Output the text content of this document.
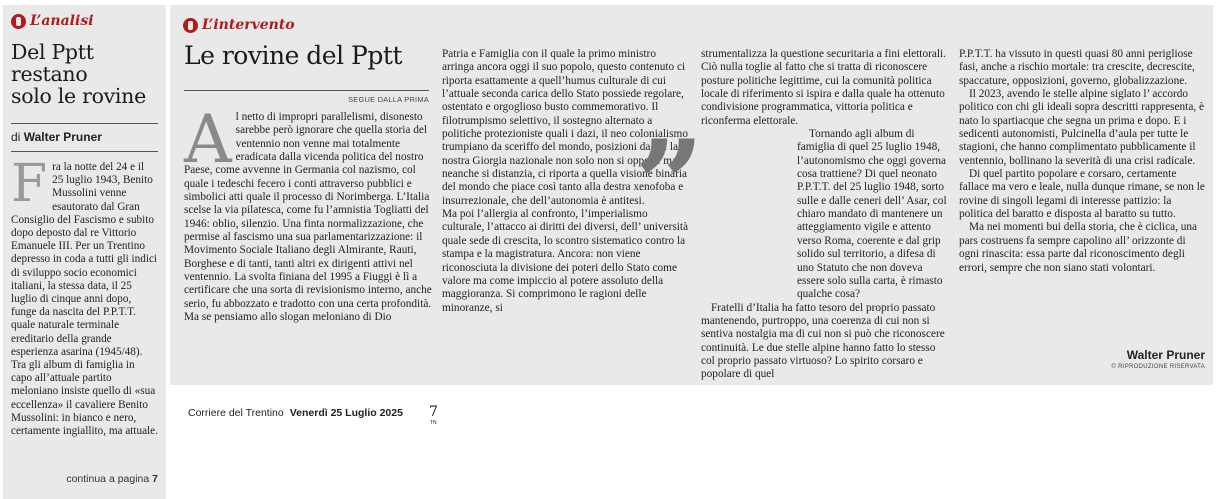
L’analisi
Del Pptt restano
solo le rovine
di Walter Pruner
F ra la notte del 24 e il 25 luglio 1943, Benito Mussolini venne esautorato dal Gran Consiglio del Fascismo e subito dopo deposto dal re Vittorio Emanuele III. Per un Trentino depresso in coda a tutti gli indici di sviluppo socio economici italiani, la stessa data, il 25 luglio di cinque anni dopo, funge da nascita del P.P.T.T. quale naturale terminale ereditario della grande esperienza asarina (1945/48). Tra gli album di famiglia in capo all’attuale partito meloniano insiste quello di «sua eccellenza» il cavaliere Benito Mussolini: in bianco e nero, certamente ingiallito, ma attuale.
continua a pagina 7
L’intervento
Le rovine del Pptt
SEGUE DALLA PRIMA

Al netto di impropri parallelismi, disonesto sarebbe però ignorare che quella storia del ventennio non venne mai totalmente eradicata dalla vicenda politica del nostro Paese, come avvenne in Germania col nazismo, col quale i tedeschi fecero i conti attraverso pubblici e simbolici atti quale il processo di Norimberga. L’Italia scelse la via pilatesca, come fu l’amnistia Togliatti del 1946: oblio, silenzio. Una finta normalizzazione, che permise al fascismo una sua parlamentarizzazione: il Movimento Sociale Italiano degli Almirante, Rauti, Borghese e di tanti, tanti altri ex dirigenti attivi nel ventennio. La svolta finiana del 1995 a Fiuggi è lì a certificare che una sorta di revisionismo interno, anche serio, fu abbozzato e tradotto con una certa profondità. Ma se pensiamo allo slogan meloniano di Dio

Patria e Famiglia con il quale la primo ministro arringa ancora oggi il suo popolo, questo contenuto ci riporta esattamente a quell’humus culturale di cui l’attuale seconda carica dello Stato possiede regolare, ostentato e orgoglioso busto commemorativo. Il filotrumpismo selettivo, il sostegno alternato a politiche protezioniste quali i dazi, il neo colonialismo trumpiano da sceriffo del mondo, posizioni da cui la nostra Giorgia nazionale non solo non si oppone ma neanche si distanzia, ci riporta a quella visione binaria del mondo che piace così tanto alla destra xenofoba e insurrezionale, che dell’autonomia è antitesi.

Ma poi l’allergia al confronto, l’imperialismo culturale, l’attacco ai diritti dei diversi, dell’ università quale sede di crescita, lo scontro sistematico contro la stampa e la magistratura. Ancora: non viene riconosciuta la divisione dei poteri dello Stato come valore ma come impiccio al potere assoluto della maggioranza. Si comprimono le ragioni delle minoranze, si

strumentalizza la questione securitaria a fini elettorali. Ciò nulla toglie al fatto che si tratta di riconoscere posture politiche legittime, cui la comunità politica locale di riferimento si ispira e dalla quale ha ottenuto condivisione programmatica, vittoria politica e riconferma elettorale.

Tornando agli album di famiglia di quel 25 luglio 1948, l’autonomismo che oggi governa cosa trattiene? Di quel neonato P.P.T.T. del 25 luglio 1948, sorto sulle e dalle ceneri dell’ Asar, col chiaro mandato di mantenere un atteggiamento vigile e attento verso Roma, coerente e dal grip solido sul territorio, a difesa di uno Statuto che non doveva essere solo sulla carta, è rimasto qualche cosa?

Fratelli d’Italia ha fatto tesoro del proprio passato mantenendo, purtroppo, una coerenza di cui non si sentiva nostalgia ma di cui non si può che riconoscere continuità. Le due stelle alpine hanno fatto lo stesso col proprio passato virtuoso? Lo spirito corsaro e popolare di quel

”

P.P.T.T. ha vissuto in questi quasi 80 anni perigliose fasi, anche a rischio mortale: tra crescite, decrescite, spaccature, opposizioni, governo, globalizzazione.

Il 2023, avendo le stelle alpine siglato l’ accordo politico con chi gli ideali sopra descritti rappresenta, è nato lo spartiacque che segna un prima e dopo. E i sedicenti autonomisti, Pulcinella d’aula per tutte le stagioni, che hanno complimentato pubblicamente il ventennio, bollinano la severità di una crisi radicale.

Di quel partito popolare e corsaro, certamente fallace ma vero e leale, nulla dunque rimane, se non le rovine di singoli legami di interesse pattizio: la politica del baratto e disposta al baratto su tutto.

Ma nei momenti bui della storia, che è ciclica, una pars costruens fa sempre capolino all’ orizzonte di ogni rinascita: essa parte dal riconoscimento degli errori, sempre che non siano stati volontari.

Walter Pruner
© RIPRODUZIONE RISERVATA
Corriere del Trentino Venerdì 25 Luglio 2025 7
TN
